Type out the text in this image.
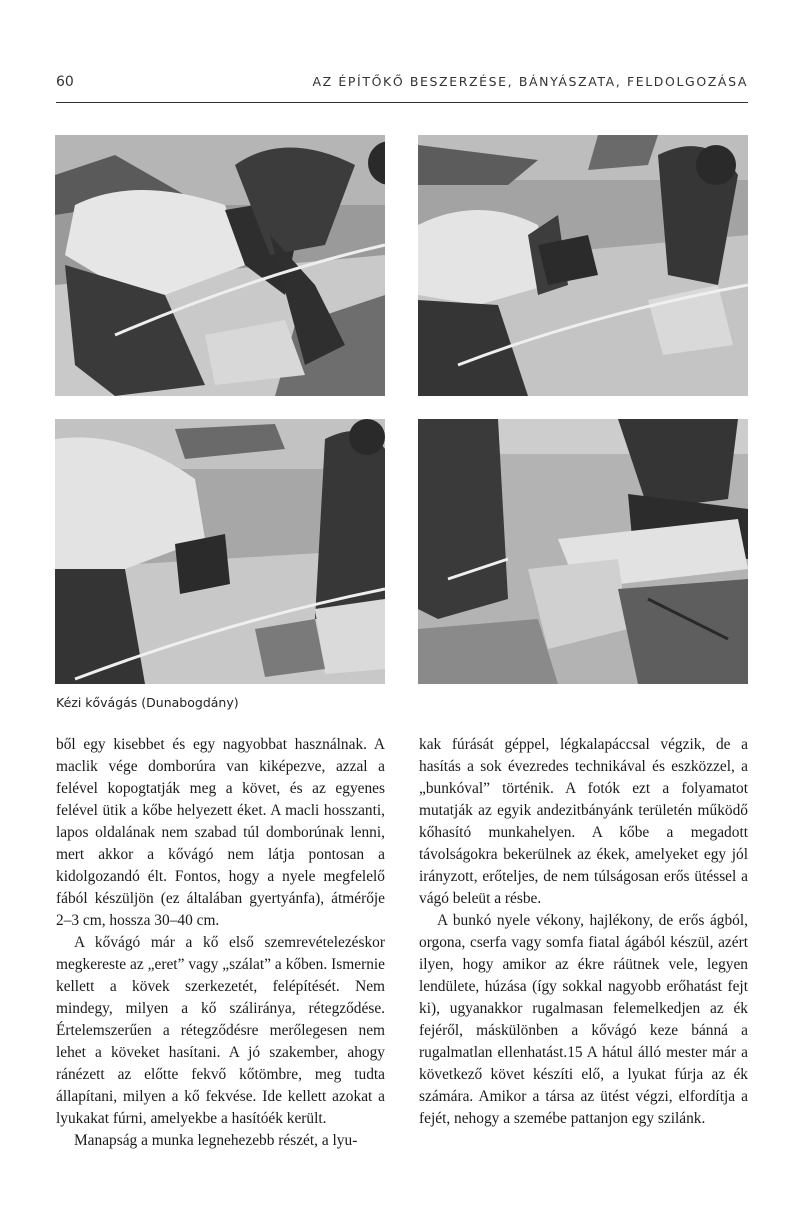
60	AZ ÉPÍTŐKŐ BESZERZÉSE, BÁNYÁSZATA, FELDOLGOZÁSA
Kézi kővágás (Dunabogdány)

ből egy kisebbet és egy nagyobbat használnak. A maclik vége domborúra van kiképezve, azzal a felével kopogtatják meg a követ, és az egyenes felével ütik a kőbe helyezett éket. A macli hosszanti, lapos oldalának nem szabad túl domborúnak lenni, mert akkor a kővágó nem látja pontosan a kidolgozandó élt. Fontos, hogy a nyele megfelelő fából készüljön (ez általában gyertyánfa), átmérője 2–3 cm, hossza 30–40 cm.

A kővágó már a kő első szemrevételezéskor megkereste az „eret” vagy „szálat” a kőben. Ismernie kellett a kövek szerkezetét, felépítését. Nem mindegy, milyen a kő száliránya, rétegződése. Értelemszerűen a rétegződésre merőlegesen nem lehet a köveket hasítani. A jó szakember, ahogy ránézett az előtte fekvő kőtömbre, meg tudta állapítani, milyen a kő fekvése. Ide kellett azokat a lyukakat fúrni, amelyekbe a hasítóék került.

Manapság a munka legnehezebb részét, a lyu-

kak fúrását géppel, légkalapáccsal végzik, de a hasítás a sok évezredes technikával és eszközzel, a „bunkóval” történik. A fotók ezt a folyamatot mutatják az egyik andezitbányánk területén működő kőhasító munkahelyen. A kőbe a megadott távolságokra bekerülnek az ékek, amelyeket egy jól irányzott, erőteljes, de nem túlságosan erős ütéssel a vágó beleüt a résbe.

A bunkó nyele vékony, hajlékony, de erős ágból, orgona, cserfa vagy somfa fiatal ágából készül, azért ilyen, hogy amikor az ékre ráütnek vele, legyen lendülete, húzása (így sokkal nagyobb erőhatást fejt ki), ugyanakkor rugalmasan felemelkedjen az ék fejéről, máskülönben a kővágó keze bánná a rugalmatlan ellenhatást.15 A hátul álló mester már a következő követ készíti elő, a lyukat fúrja az ék számára. Amikor a társa az ütést végzi, elfordítja a fejét, nehogy a szemébe pattanjon egy szilánk.
